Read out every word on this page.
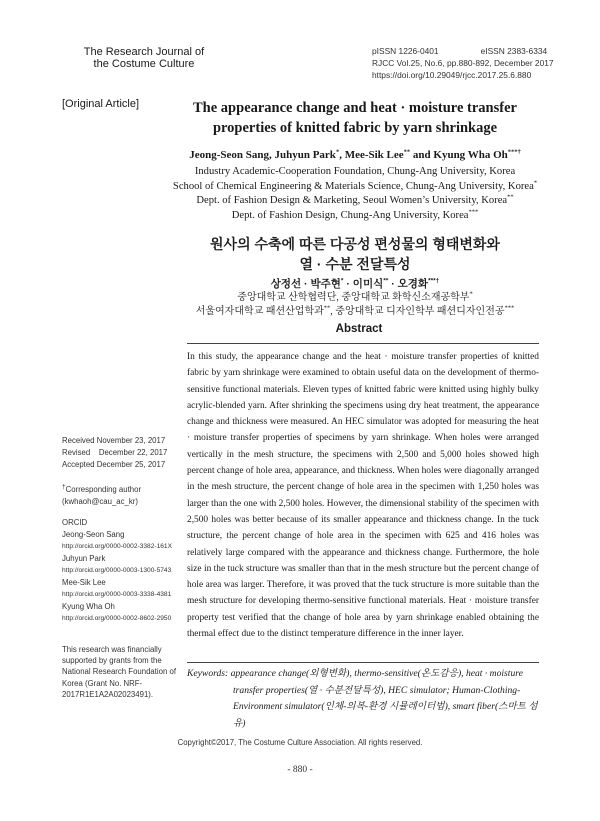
The Research Journal of
the Costume Culture
pISSN 1226-0401	eISSN 2383-6334
RJCC Vol.25, No.6, pp.880-892, December 2017
https://doi.org/10.29049/rjcc.2017.25.6.880
[Original Article]	The appearance change and heat · moisture transfer
properties of knitted fabric by yarn shrinkage
Jeong-Seon Sang, Juhyun Park*, Mee-Sik Lee** and Kyung Wha Oh***†
Industry Academic-Cooperation Foundation, Chung-Ang University, Korea
School of Chemical Engineering & Materials Science, Chung-Ang University, Korea*
Dept. of Fashion Design & Marketing, Seoul Women’s University, Korea**
Dept. of Fashion Design, Chung-Ang University, Korea***
원사의 수축에 따른 다공성 편성물의 형태변화와
열 · 수분 전달특성
상정선 · 박주현* · 이미식** · 오경화***†
중앙대학교 산학협력단, 중앙대학교 화학신소재공학부*
서울여자대학교 패션산업학과**, 중앙대학교 디자인학부 패션디자인전공***
Abstract
In this study, the appearance change and the heat · moisture transfer properties of knitted fabric by yarn shrinkage were examined to obtain useful data on the development of thermo-sensitive functional materials. Eleven types of knitted fabric were knitted using highly bulky acrylic-blended yarn. After shrinking the specimens using dry heat treatment, the appearance change and thickness were measured. An HEC simulator was adopted for measuring the heat · moisture transfer properties of specimens by yarn shrinkage. When holes were arranged vertically in the mesh structure, the specimens with 2,500 and 5,000 holes showed high percent change of hole area, appearance, and thickness. When holes were diagonally arranged in the mesh structure, the percent change of hole area in the specimen with 1,250 holes was larger than the one with 2,500 holes. However, the dimensional stability of the specimen with 2,500 holes was better because of its smaller appearance and thickness change. In the tuck structure, the percent change of hole area in the specimen with 625 and 416 holes was relatively large compared with the appearance and thickness change. Furthermore, the hole size in the tuck structure was smaller than that in the mesh structure but the percent change of hole area was larger. Therefore, it was proved that the tuck structure is more suitable than the mesh structure for developing thermo-sensitive functional materials. Heat · moisture transfer property test verified that the change of hole area by yarn shrinkage enabled obtaining the thermal effect due to the distinct temperature difference in the inner layer.
Keywords: appearance change(외형변화), thermo-sensitive(온도감응), heat · moisture transfer properties(열 · 수분전달특성), HEC simulator; Human-Clothing-Environment simulator(인체-의복-환경 시뮬레이터법), smart fiber(스마트 섬유)
Received November 23, 2017
Revised December 22, 2017
Accepted December 25, 2017
†Corresponding author
(kwhaoh@cau_ac_kr)
ORCID
Jeong-Seon Sang
http://orcid.org/0000-0002-3382-161X
Juhyun Park
http://orcid.org/0000-0003-1300-5743
Mee-Sik Lee
http://orcid.org/0000-0003-3338-4381
Kyung Wha Oh
http://orcid.org/0000-0002-8602-2950
This research was financially supported by grants from the National Research Foundation of Korea (Grant No. NRF-2017R1E1A2A02023491).
Copyright©2017, The Costume Culture Association. All rights reserved.
- 880 -
